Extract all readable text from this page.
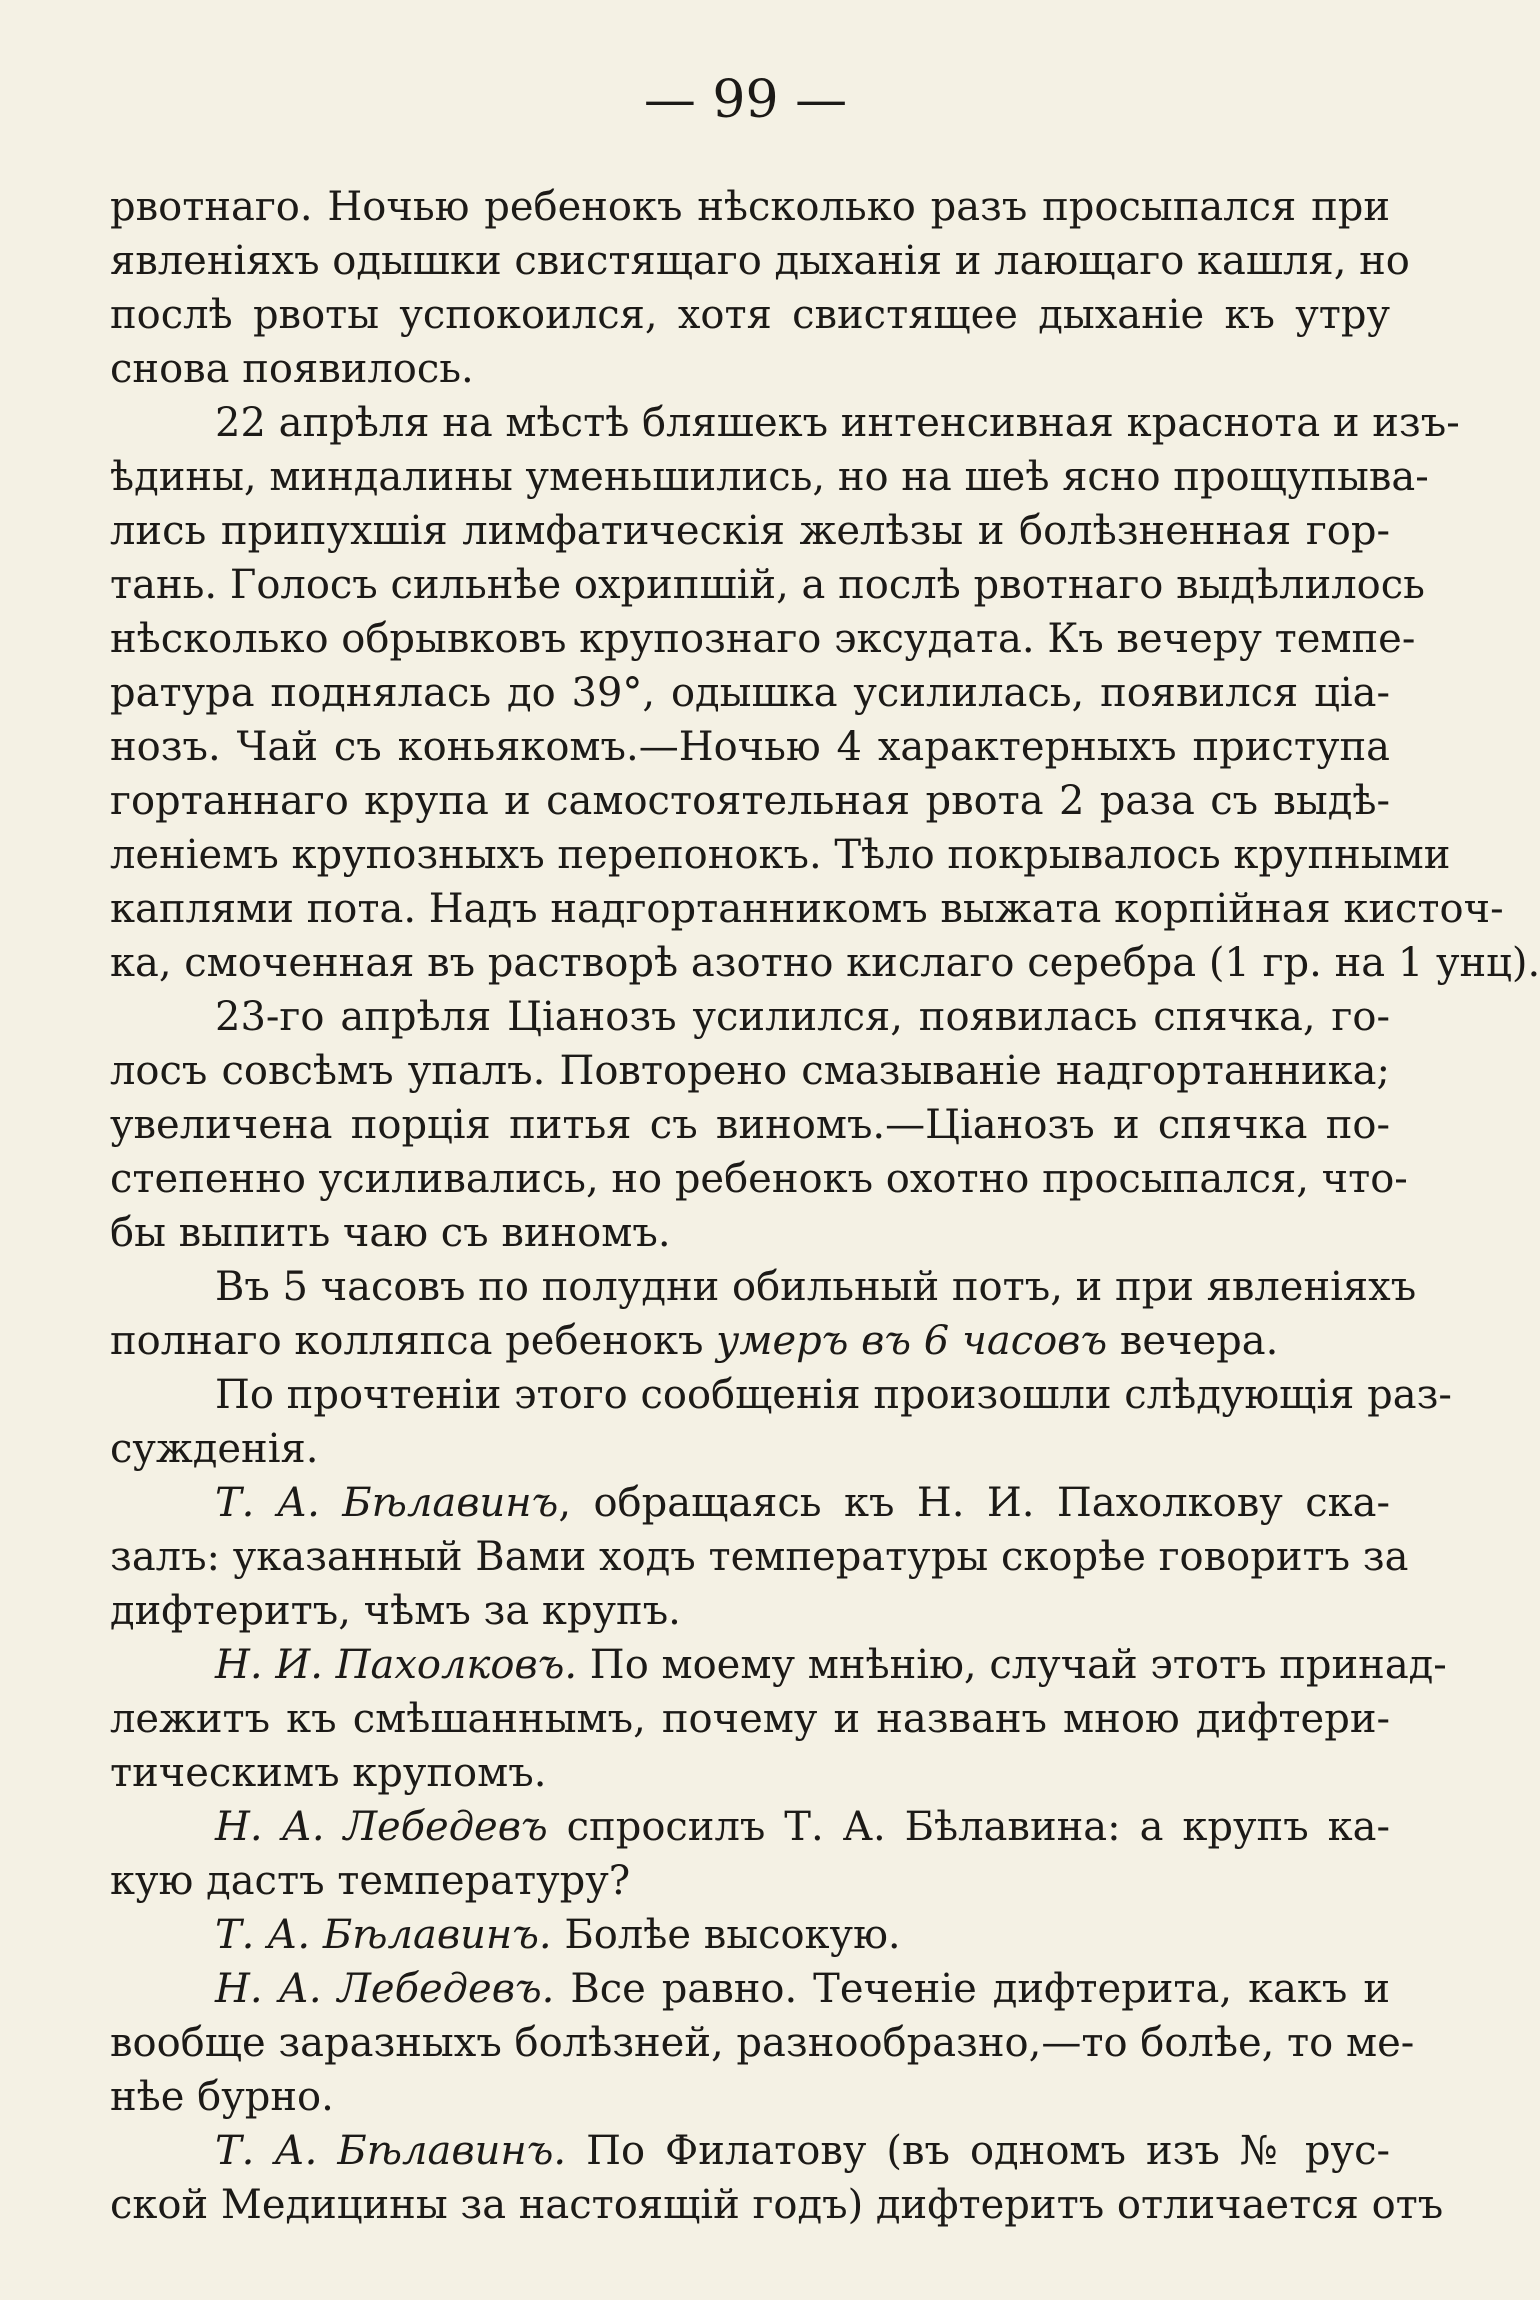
— 99 —
рвотнаго. Ночью ребенокъ нѣсколько разъ просыпался при
явленіяхъ одышки свистящаго дыханія и лающаго кашля, но
послѣ рвоты успокоился, хотя свистящее дыханіе къ утру
снова появилось.
22 апрѣля на мѣстѣ бляшекъ интенсивная краснота и изъ-
ѣдины, миндалины уменьшились, но на шеѣ ясно прощупыва-
лись припухшія лимфатическія желѣзы и болѣзненная гор-
тань. Голосъ сильнѣе охрипшій, а послѣ рвотнаго выдѣлилось
нѣсколько обрывковъ крупознаго эксудата. Къ вечеру темпе-
ратура поднялась до 39°, одышка усилилась, появился ціа-
нозъ. Чай съ коньякомъ.—Ночью 4 характерныхъ приступа
гортаннаго крупа и самостоятельная рвота 2 раза съ выдѣ-
леніемъ крупозныхъ перепонокъ. Тѣло покрывалось крупными
каплями пота. Надъ надгортанникомъ выжата корпійная кисточ-
ка, смоченная въ растворѣ азотно кислаго серебра (1 гр. на 1 унц).
23-го апрѣля Ціанозъ усилился, появилась спячка, го-
лосъ совсѣмъ упалъ. Повторено смазываніе надгортанника;
увеличена порція питья съ виномъ.—Ціанозъ и спячка по-
степенно усиливались, но ребенокъ охотно просыпался, что-
бы выпить чаю съ виномъ.
Въ 5 часовъ по полудни обильный потъ, и при явленіяхъ
полнаго колляпса ребенокъ умеръ въ 6 часовъ вечера.
По прочтеніи этого сообщенія произошли слѣдующія раз-
сужденія.
Т. А. Бѣлавинъ, обращаясь къ Н. И. Пахолкову ска-
залъ: указанный Вами ходъ температуры скорѣе говоритъ за
дифтеритъ, чѣмъ за крупъ.
Н. И. Пахолковъ. По моему мнѣнію, случай этотъ принад-
лежитъ къ смѣшаннымъ, почему и названъ мною дифтери-
тическимъ крупомъ.
Н. А. Лебедевъ спросилъ Т. А. Бѣлавина: а крупъ ка-
кую дастъ температуру?
Т. А. Бѣлавинъ. Болѣе высокую.
Н. А. Лебедевъ. Все равно. Теченіе дифтерита, какъ и
вообще заразныхъ болѣзней, разнообразно,—то болѣе, то ме-
нѣе бурно.
Т. А. Бѣлавинъ. По Филатову (въ одномъ изъ № рус-
ской Медицины за настоящій годъ) дифтеритъ отличается отъ
